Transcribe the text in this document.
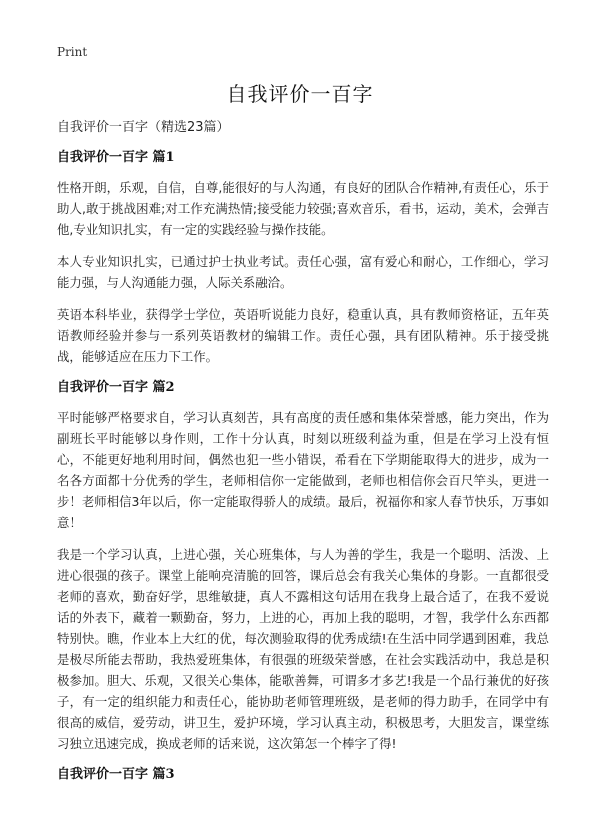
Print
自我评价一百字

自我评价一百字（精选23篇）

自我评价一百字 篇1

性格开朗，乐观，自信，自尊,能很好的与人沟通，有良好的团队合作精神,有责任心，乐于助人,敢于挑战困难;对工作充满热情;接受能力较强;喜欢音乐，看书，运动，美术，会弹吉他,专业知识扎实，有一定的实践经验与操作技能。

本人专业知识扎实，已通过护士执业考试。责任心强，富有爱心和耐心，工作细心，学习能力强，与人沟通能力强，人际关系融洽。

英语本科毕业，获得学士学位，英语听说能力良好，稳重认真，具有教师资格证，五年英语教师经验并参与一系列英语教材的编辑工作。责任心强，具有团队精神。乐于接受挑战，能够适应在压力下工作。

自我评价一百字 篇2

平时能够严格要求自，学习认真刻苦，具有高度的责任感和集体荣誉感，能力突出，作为副班长平时能够以身作则，工作十分认真，时刻以班级利益为重，但是在学习上没有恒心，不能更好地利用时间，偶然也犯一些小错误，希看在下学期能取得大的进步，成为一名各方面都十分优秀的学生，老师相信你一定能做到，老师也相信你会百尺竿头，更进一步！老师相信3年以后，你一定能取得骄人的成绩。最后，祝福你和家人春节快乐，万事如意！

我是一个学习认真，上进心强，关心班集体，与人为善的学生，我是一个聪明、活泼、上进心很强的孩子。课堂上能响亮清脆的回答，课后总会有我关心集体的身影。一直都很受老师的喜欢，勤奋好学，思维敏捷，真人不露相这句话用在我身上最合适了，在我不爱说话的外表下，藏着一颗勤奋，努力，上进的心，再加上我的聪明，才智，我学什么东西都特别快。瞧，作业本上大红的优，每次测验取得的优秀成绩!在生活中同学遇到困难，我总是极尽所能去帮助，我热爱班集体，有很强的班级荣誉感，在社会实践活动中，我总是积极参加。胆大、乐观，又很关心集体，能歌善舞，可谓多才多艺!我是一个品行兼优的好孩子，有一定的组织能力和责任心，能协助老师管理班级，是老师的得力助手，在同学中有很高的威信，爱劳动，讲卫生，爱护环境，学习认真主动，积极思考，大胆发言，课堂练习独立迅速完成，换成老师的话来说，这次第怎一个棒字了得!

自我评价一百字 篇3
